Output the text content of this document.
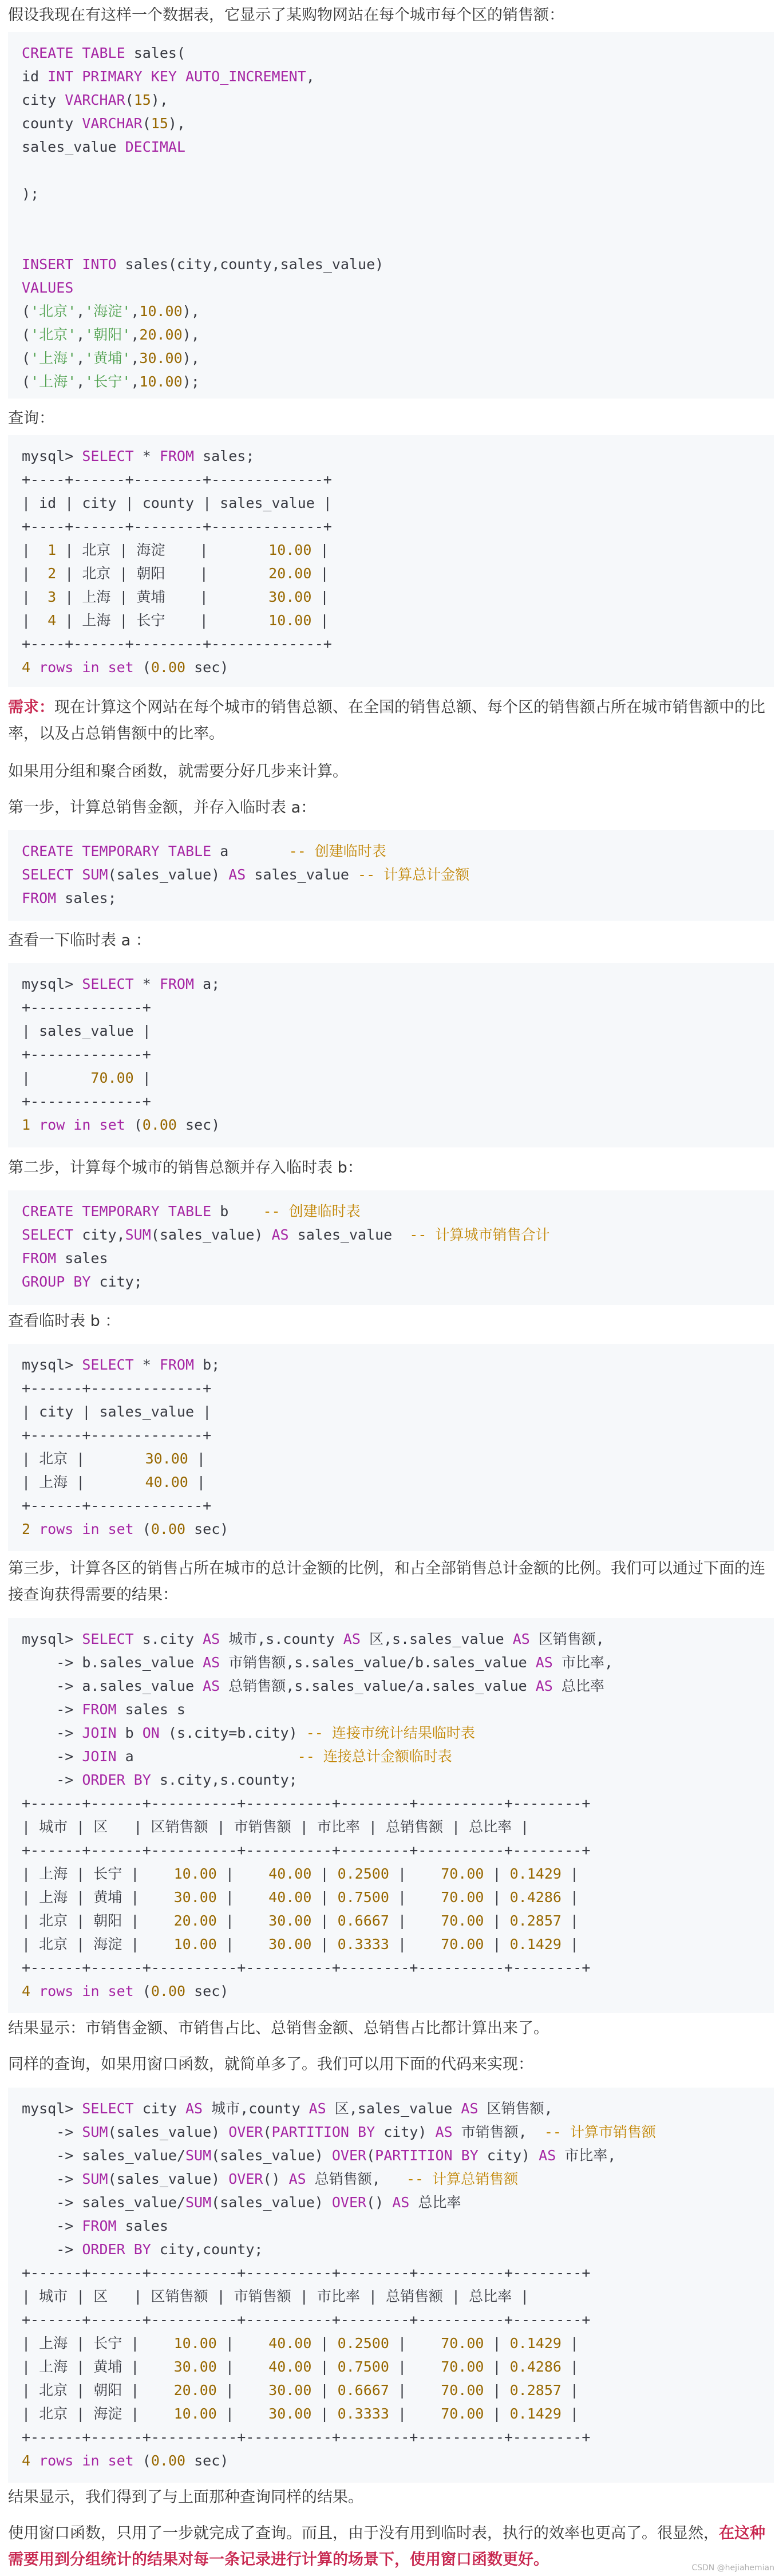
假设我现在有这样一个数据表，它显示了某购物网站在每个城市每个区的销售额：

CREATE TABLE sales(
id INT PRIMARY KEY AUTO_INCREMENT,
city VARCHAR(15),
county VARCHAR(15),
sales_value DECIMAL
);
INSERT INTO sales(city,county,sales_value)
VALUES
('北京','海淀',10.00),
('北京','朝阳',20.00),
('上海','黄埔',30.00),
('上海','长宁',10.00);

查询：

mysql> SELECT * FROM sales;
+----+------+--------+-------------+
| id | city | county | sales_value |
+----+------+--------+-------------+
|  1 | 北京 | 海淀    |       10.00 |
|  2 | 北京 | 朝阳    |       20.00 |
|  3 | 上海 | 黄埔    |       30.00 |
|  4 | 上海 | 长宁    |       10.00 |
+----+------+--------+-------------+
4 rows in set (0.00 sec)

需求：现在计算这个网站在每个城市的销售总额、在全国的销售总额、每个区的销售额占所在城市销售额中的比率，以及占总销售额中的比率。

如果用分组和聚合函数，就需要分好几步来计算。

第一步，计算总销售金额，并存入临时表 a：

CREATE TEMPORARY TABLE a       -- 创建临时表
SELECT SUM(sales_value) AS sales_value -- 计算总计金额
FROM sales;

查看一下临时表 a ：

mysql> SELECT * FROM a;
+-------------+
| sales_value |
+-------------+
|       70.00 |
+-------------+
1 row in set (0.00 sec)

第二步，计算每个城市的销售总额并存入临时表 b：

CREATE TEMPORARY TABLE b    -- 创建临时表
SELECT city,SUM(sales_value) AS sales_value  -- 计算城市销售合计
FROM sales
GROUP BY city;

查看临时表 b ：

mysql> SELECT * FROM b;
+------+-------------+
| city | sales_value |
+------+-------------+
| 北京 |       30.00 |
| 上海 |       40.00 |
+------+-------------+
2 rows in set (0.00 sec)

第三步，计算各区的销售占所在城市的总计金额的比例，和占全部销售总计金额的比例。我们可以通过下面的连接查询获得需要的结果：

mysql> SELECT s.city AS 城市,s.county AS 区,s.sales_value AS 区销售额,
-> b.sales_value AS 市销售额,s.sales_value/b.sales_value AS 市比率,
-> a.sales_value AS 总销售额,s.sales_value/a.sales_value AS 总比率
-> FROM sales s
-> JOIN b ON (s.city=b.city) -- 连接市统计结果临时表
-> JOIN a                   -- 连接总计金额临时表
-> ORDER BY s.city,s.county;
+------+------+----------+----------+--------+----------+--------+
| 城市 | 区   | 区销售额 | 市销售额 | 市比率 | 总销售额 | 总比率 |
+------+------+----------+----------+--------+----------+--------+
| 上海 | 长宁 |    10.00 |    40.00 | 0.2500 |    70.00 | 0.1429 |
| 上海 | 黄埔 |    30.00 |    40.00 | 0.7500 |    70.00 | 0.4286 |
| 北京 | 朝阳 |    20.00 |    30.00 | 0.6667 |    70.00 | 0.2857 |
| 北京 | 海淀 |    10.00 |    30.00 | 0.3333 |    70.00 | 0.1429 |
+------+------+----------+----------+--------+----------+--------+
4 rows in set (0.00 sec)

结果显示：市销售金额、市销售占比、总销售金额、总销售占比都计算出来了。

同样的查询，如果用窗口函数，就简单多了。我们可以用下面的代码来实现：

mysql> SELECT city AS 城市,county AS 区,sales_value AS 区销售额,
-> SUM(sales_value) OVER(PARTITION BY city) AS 市销售额,  -- 计算市销售额
-> sales_value/SUM(sales_value) OVER(PARTITION BY city) AS 市比率,
-> SUM(sales_value) OVER() AS 总销售额,   -- 计算总销售额
-> sales_value/SUM(sales_value) OVER() AS 总比率
-> FROM sales
-> ORDER BY city,county;
+------+------+----------+----------+--------+----------+--------+
| 城市 | 区   | 区销售额 | 市销售额 | 市比率 | 总销售额 | 总比率 |
+------+------+----------+----------+--------+----------+--------+
| 上海 | 长宁 |    10.00 |    40.00 | 0.2500 |    70.00 | 0.1429 |
| 上海 | 黄埔 |    30.00 |    40.00 | 0.7500 |    70.00 | 0.4286 |
| 北京 | 朝阳 |    20.00 |    30.00 | 0.6667 |    70.00 | 0.2857 |
| 北京 | 海淀 |    10.00 |    30.00 | 0.3333 |    70.00 | 0.1429 |
+------+------+----------+----------+--------+----------+--------+
4 rows in set (0.00 sec)

结果显示，我们得到了与上面那种查询同样的结果。

使用窗口函数，只用了一步就完成了查询。而且，由于没有用到临时表，执行的效率也更高了。很显然，在这种需要用到分组统计的结果对每一条记录进行计算的场景下，使用窗口函数更好。	CSDN @hejiahemian
